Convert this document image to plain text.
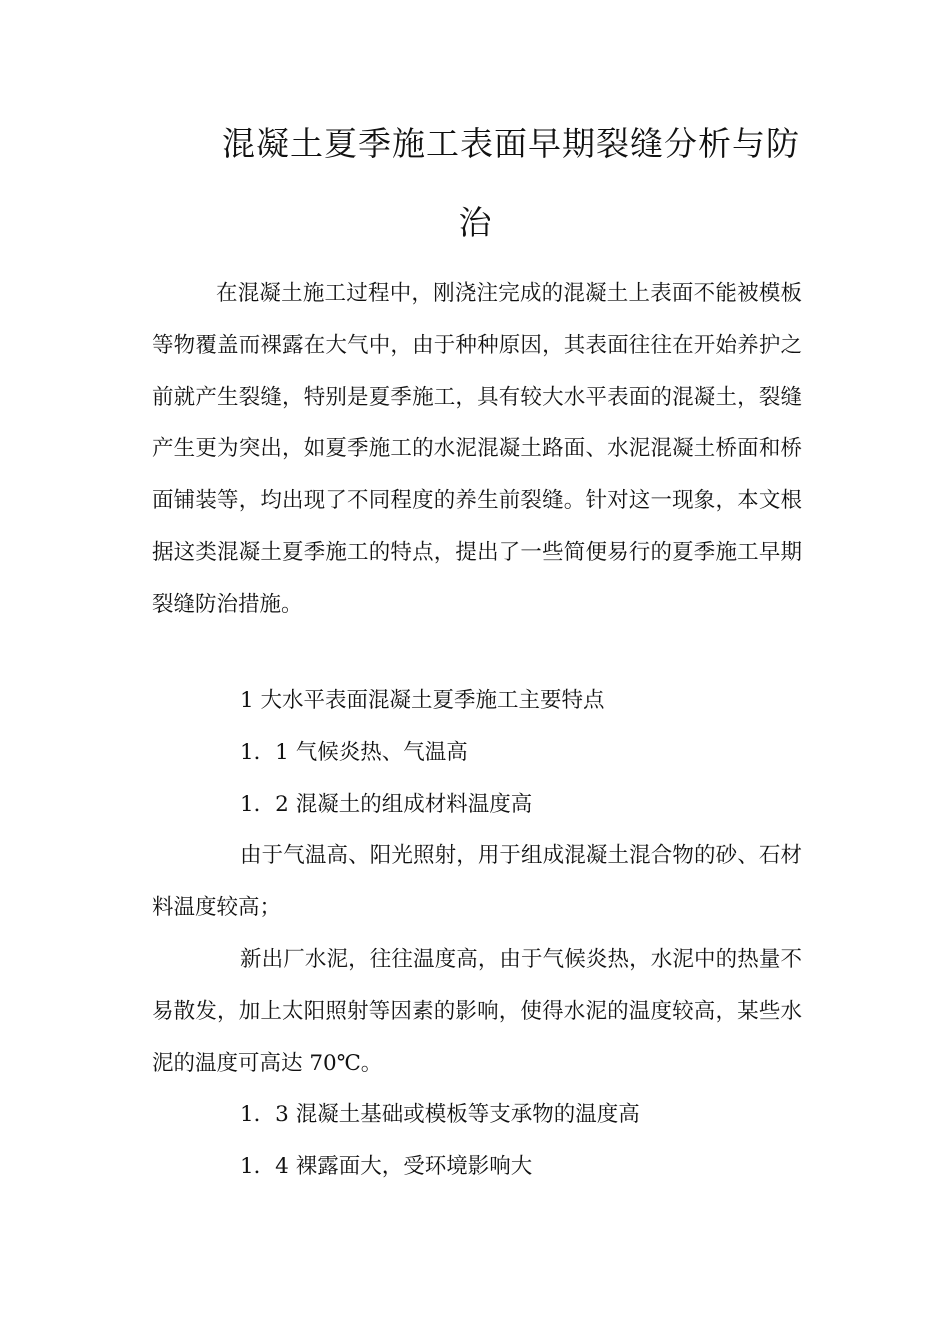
混凝土夏季施工表面早期裂缝分析与防
治

在混凝土施工过程中，刚浇注完成的混凝土上表面不能被模板等物覆盖而裸露在大气中，由于种种原因，其表面往往在开始养护之前就产生裂缝，特别是夏季施工，具有较大水平表面的混凝土，裂缝产生更为突出，如夏季施工的水泥混凝土路面、水泥混凝土桥面和桥面铺装等，均出现了不同程度的养生前裂缝。针对这一现象，本文根据这类混凝土夏季施工的特点，提出了一些简便易行的夏季施工早期裂缝防治措施。

1 大水平表面混凝土夏季施工主要特点

1．1 气候炎热、气温高

1．2 混凝土的组成材料温度高

由于气温高、阳光照射，用于组成混凝土混合物的砂、石材料温度较高；

新出厂水泥，往往温度高，由于气候炎热，水泥中的热量不易散发，加上太阳照射等因素的影响，使得水泥的温度较高，某些水泥的温度可高达 70℃。

1．3 混凝土基础或模板等支承物的温度高

1．4 裸露面大，受环境影响大
